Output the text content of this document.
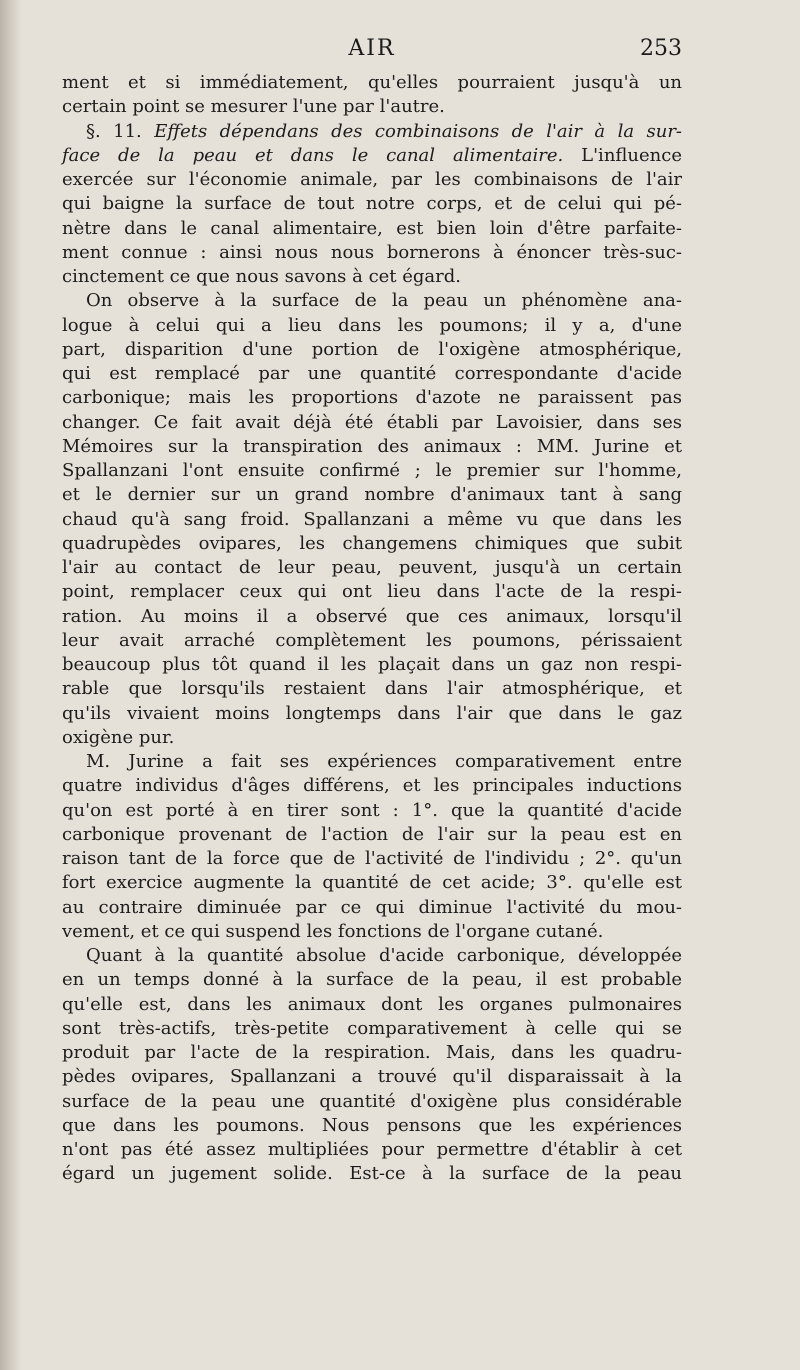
AIR	253
ment et si immédiatement, qu'elles pourraient jusqu'à un
certain point se mesurer l'une par l'autre.
§. 11. Effets dépendans des combinaisons de l'air à la sur-
face de la peau et dans le canal alimentaire. L'influence
exercée sur l'économie animale, par les combinaisons de l'air
qui baigne la surface de tout notre corps, et de celui qui pé-
nètre dans le canal alimentaire, est bien loin d'être parfaite-
ment connue : ainsi nous nous bornerons à énoncer très-suc-
cinctement ce que nous savons à cet égard.
On observe à la surface de la peau un phénomène ana-
logue à celui qui a lieu dans les poumons; il y a, d'une
part, disparition d'une portion de l'oxigène atmosphérique,
qui est remplacé par une quantité correspondante d'acide
carbonique; mais les proportions d'azote ne paraissent pas
changer. Ce fait avait déjà été établi par Lavoisier, dans ses
Mémoires sur la transpiration des animaux : MM. Jurine et
Spallanzani l'ont ensuite confirmé ; le premier sur l'homme,
et le dernier sur un grand nombre d'animaux tant à sang
chaud qu'à sang froid. Spallanzani a même vu que dans les
quadrupèdes ovipares, les changemens chimiques que subit
l'air au contact de leur peau, peuvent, jusqu'à un certain
point, remplacer ceux qui ont lieu dans l'acte de la respi-
ration. Au moins il a observé que ces animaux, lorsqu'il
leur avait arraché complètement les poumons, périssaient
beaucoup plus tôt quand il les plaçait dans un gaz non respi-
rable que lorsqu'ils restaient dans l'air atmosphérique, et
qu'ils vivaient moins longtemps dans l'air que dans le gaz
oxigène pur.
M. Jurine a fait ses expériences comparativement entre
quatre individus d'âges différens, et les principales inductions
qu'on est porté à en tirer sont : 1°. que la quantité d'acide
carbonique provenant de l'action de l'air sur la peau est en
raison tant de la force que de l'activité de l'individu ; 2°. qu'un
fort exercice augmente la quantité de cet acide; 3°. qu'elle est
au contraire diminuée par ce qui diminue l'activité du mou-
vement, et ce qui suspend les fonctions de l'organe cutané.
Quant à la quantité absolue d'acide carbonique, développée
en un temps donné à la surface de la peau, il est probable
qu'elle est, dans les animaux dont les organes pulmonaires
sont très-actifs, très-petite comparativement à celle qui se
produit par l'acte de la respiration. Mais, dans les quadru-
pèdes ovipares, Spallanzani a trouvé qu'il disparaissait à la
surface de la peau une quantité d'oxigène plus considérable
que dans les poumons. Nous pensons que les expériences
n'ont pas été assez multipliées pour permettre d'établir à cet
égard un jugement solide. Est-ce à la surface de la peau
